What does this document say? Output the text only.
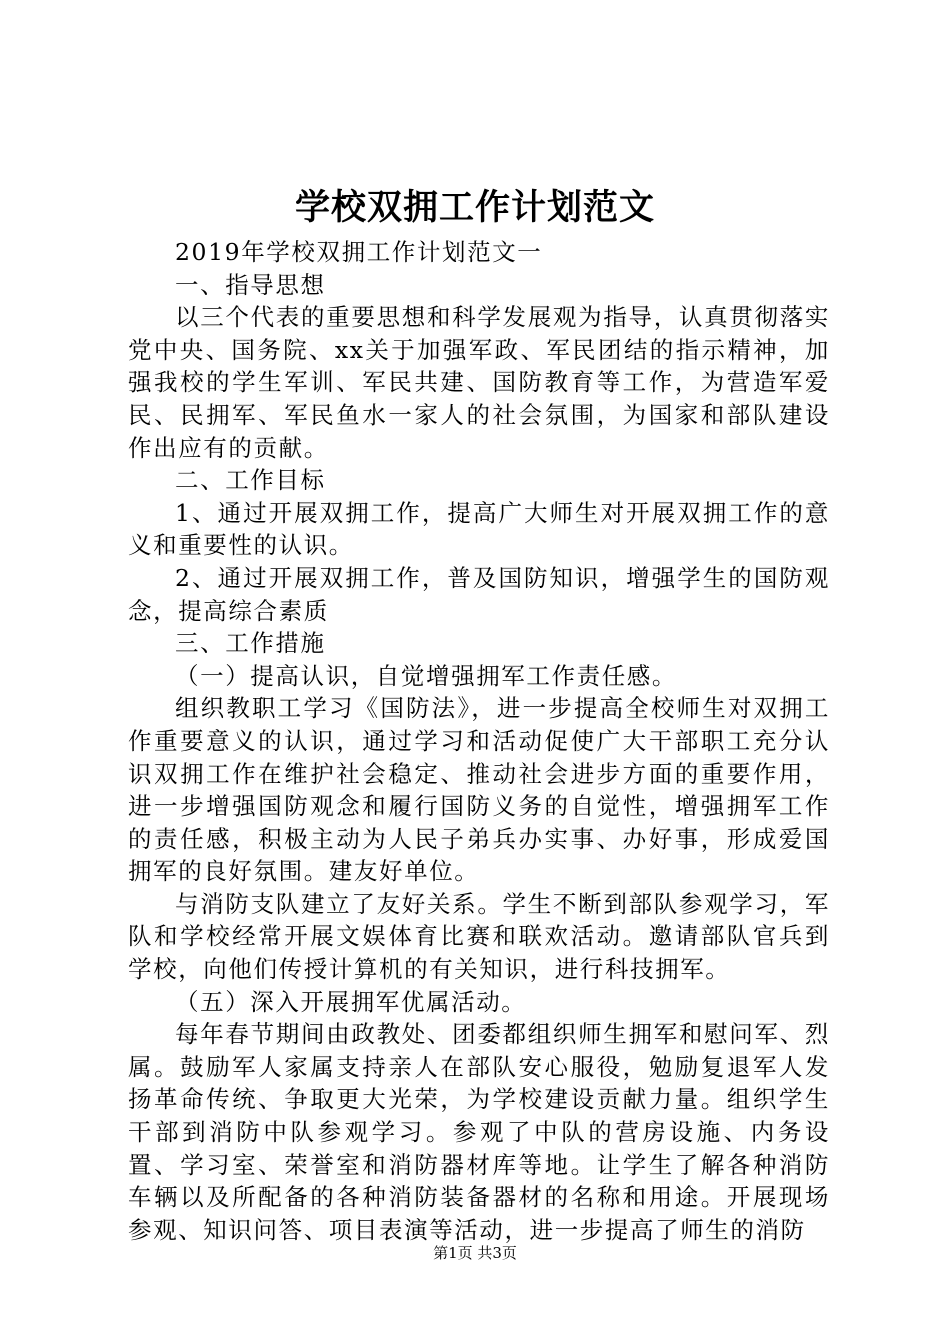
学校双拥工作计划范文

2019年学校双拥工作计划范文一

一、指导思想

以三个代表的重要思想和科学发展观为指导，认真贯彻落实党中央、国务院、xx关于加强军政、军民团结的指示精神，加强我校的学生军训、军民共建、国防教育等工作，为营造军爱民、民拥军、军民鱼水一家人的社会氛围，为国家和部队建设作出应有的贡献。

二、工作目标

1、通过开展双拥工作，提高广大师生对开展双拥工作的意义和重要性的认识。

2、通过开展双拥工作，普及国防知识，增强学生的国防观念，提高综合素质

三、工作措施

（一）提高认识，自觉增强拥军工作责任感。

组织教职工学习《国防法》，进一步提高全校师生对双拥工作重要意义的认识，通过学习和活动促使广大干部职工充分认识双拥工作在维护社会稳定、推动社会进步方面的重要作用，进一步增强国防观念和履行国防义务的自觉性，增强拥军工作的责任感，积极主动为人民子弟兵办实事、办好事，形成爱国拥军的良好氛围。建友好单位。

与消防支队建立了友好关系。学生不断到部队参观学习，军队和学校经常开展文娱体育比赛和联欢活动。邀请部队官兵到学校，向他们传授计算机的有关知识，进行科技拥军。

（五）深入开展拥军优属活动。

每年春节期间由政教处、团委都组织师生拥军和慰问军、烈属。鼓励军人家属支持亲人在部队安心服役，勉励复退军人发扬革命传统、争取更大光荣，为学校建设贡献力量。组织学生干部到消防中队参观学习。参观了中队的营房设施、内务设置、学习室、荣誉室和消防器材库等地。让学生了解各种消防车辆以及所配备的各种消防装备器材的名称和用途。开展现场参观、知识问答、项目表演等活动，进一步提高了师生的消防

第1页 共3页
